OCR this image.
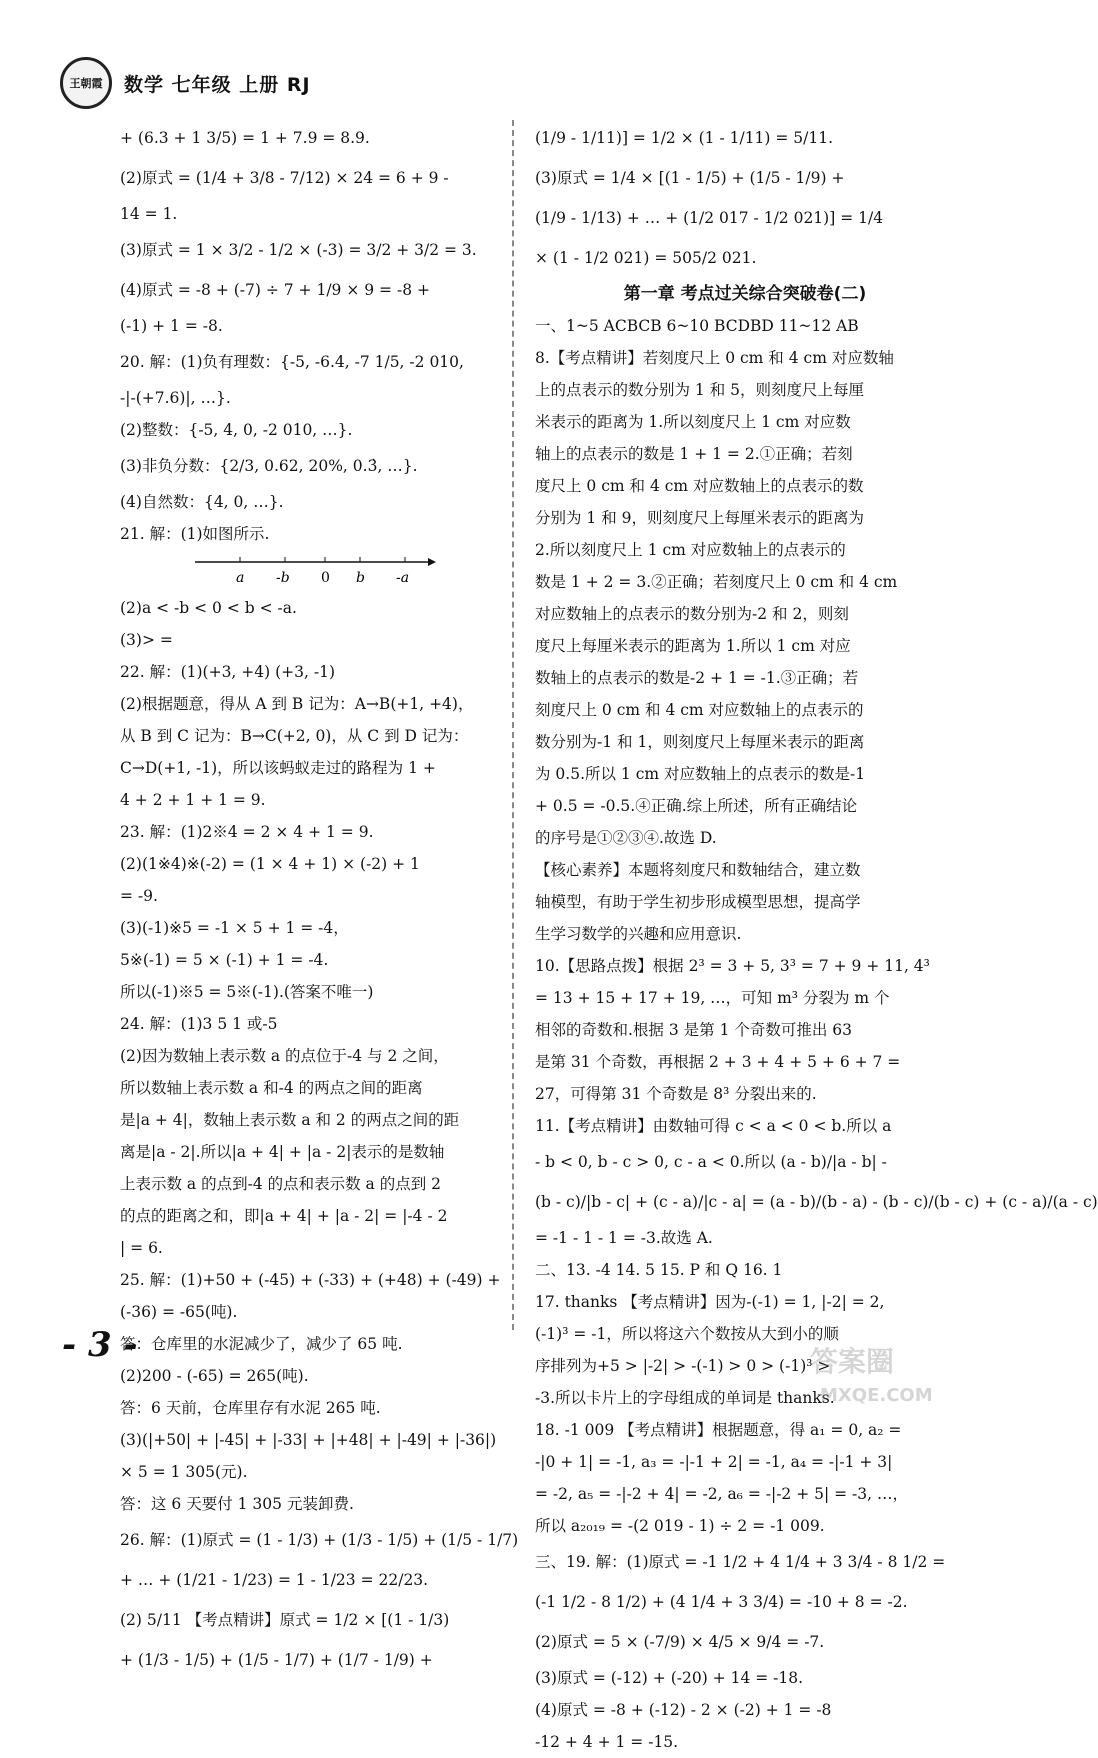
王朝霞 数学 七年级 上册 RJ
+ (6.3 + 1 3/5) = 1 + 7.9 = 8.9.
(2)原式 = (1/4 + 3/8 - 7/12) × 24 = 6 + 9 -
14 = 1.
(3)原式 = 1 × 3/2 - 1/2 × (-3) = 3/2 + 3/2 = 3.
(4)原式 = -8 + (-7) ÷ 7 + 1/9 × 9 = -8 +
(-1) + 1 = -8.
20. 解：(1)负有理数：{-5, -6.4, -7 1/5, -2 010,
-|-(+7.6)|, …}.
(2)整数：{-5, 4, 0, -2 010, …}.
(3)非负分数：{2/3, 0.62, 20%, 0.3̇, …}.
(4)自然数：{4, 0, …}.
21. 解：(1)如图所示.
a -b 0 b -a
(2)a < -b < 0 < b < -a.
(3)> =
22. 解：(1)(+3, +4) (+3, -1)
(2)根据题意，得从 A 到 B 记为：A→B(+1, +4)，
从 B 到 C 记为：B→C(+2, 0)，从 C 到 D 记为：
C→D(+1, -1)，所以该蚂蚁走过的路程为 1 +
4 + 2 + 1 + 1 = 9.
23. 解：(1)2※4 = 2 × 4 + 1 = 9.
(2)(1※4)※(-2) = (1 × 4 + 1) × (-2) + 1
= -9.
(3)(-1)※5 = -1 × 5 + 1 = -4，
5※(-1) = 5 × (-1) + 1 = -4.
所以(-1)※5 = 5※(-1).(答案不唯一)
24. 解：(1)3 5 1 或-5
(2)因为数轴上表示数 a 的点位于-4 与 2 之间，
所以数轴上表示数 a 和-4 的两点之间的距离
是|a + 4|，数轴上表示数 a 和 2 的两点之间的距
离是|a - 2|.所以|a + 4| + |a - 2|表示的是数轴
上表示数 a 的点到-4 的点和表示数 a 的点到 2
的点的距离之和，即|a + 4| + |a - 2| = |-4 - 2
| = 6.
25. 解：(1)+50 + (-45) + (-33) + (+48) + (-49) +
(-36) = -65(吨).
答：仓库里的水泥减少了，减少了 65 吨.
(2)200 - (-65) = 265(吨).
答：6 天前，仓库里存有水泥 265 吨.
(3)(|+50| + |-45| + |-33| + |+48| + |-49| + |-36|)
× 5 = 1 305(元).
答：这 6 天要付 1 305 元装卸费.
26. 解：(1)原式 = (1 - 1/3) + (1/3 - 1/5) + (1/5 - 1/7)
+ … + (1/21 - 1/23) = 1 - 1/23 = 22/23.
(2) 5/11 【考点精讲】原式 = 1/2 × [(1 - 1/3)
+ (1/3 - 1/5) + (1/5 - 1/7) + (1/7 - 1/9) +
(1/9 - 1/11)] = 1/2 × (1 - 1/11) = 5/11.
(3)原式 = 1/4 × [(1 - 1/5) + (1/5 - 1/9) +
(1/9 - 1/13) + … + (1/2 017 - 1/2 021)] = 1/4
× (1 - 1/2 021) = 505/2 021.
第一章 考点过关综合突破卷(二)
一、1~5 ACBCB 6~10 BCDBD 11~12 AB
8.【考点精讲】若刻度尺上 0 cm 和 4 cm 对应数轴
上的点表示的数分别为 1 和 5，则刻度尺上每厘
米表示的距离为 1.所以刻度尺上 1 cm 对应数
轴上的点表示的数是 1 + 1 = 2.①正确；若刻
度尺上 0 cm 和 4 cm 对应数轴上的点表示的数
分别为 1 和 9，则刻度尺上每厘米表示的距离为
2.所以刻度尺上 1 cm 对应数轴上的点表示的
数是 1 + 2 = 3.②正确；若刻度尺上 0 cm 和 4 cm
对应数轴上的点表示的数分别为-2 和 2，则刻
度尺上每厘米表示的距离为 1.所以 1 cm 对应
数轴上的点表示的数是-2 + 1 = -1.③正确；若
刻度尺上 0 cm 和 4 cm 对应数轴上的点表示的
数分别为-1 和 1，则刻度尺上每厘米表示的距离
为 0.5.所以 1 cm 对应数轴上的点表示的数是-1
+ 0.5 = -0.5.④正确.综上所述，所有正确结论
的序号是①②③④.故选 D.
【核心素养】本题将刻度尺和数轴结合，建立数
轴模型，有助于学生初步形成模型思想，提高学
生学习数学的兴趣和应用意识.
10.【思路点拨】根据 2³ = 3 + 5, 3³ = 7 + 9 + 11, 4³
= 13 + 15 + 17 + 19, …，可知 m³ 分裂为 m 个
相邻的奇数和.根据 3 是第 1 个奇数可推出 63
是第 31 个奇数，再根据 2 + 3 + 4 + 5 + 6 + 7 =
27，可得第 31 个奇数是 8³ 分裂出来的.
11.【考点精讲】由数轴可得 c < a < 0 < b.所以 a
- b < 0, b - c > 0, c - a < 0.所以 (a - b)/|a - b| -
(b - c)/|b - c| + (c - a)/|c - a| = (a - b)/(b - a) - (b - c)/(b - c) + (c - a)/(a - c)
= -1 - 1 - 1 = -3.故选 A.
二、13. -4 14. 5 15. P 和 Q 16. 1
17. thanks 【考点精讲】因为-(-1) = 1, |-2| = 2,
(-1)³ = -1，所以将这六个数按从大到小的顺
序排列为+5 > |-2| > -(-1) > 0 > (-1)³ >
-3.所以卡片上的字母组成的单词是 thanks.
18. -1 009 【考点精讲】根据题意，得 a₁ = 0, a₂ =
-|0 + 1| = -1, a₃ = -|-1 + 2| = -1, a₄ = -|-1 + 3|
= -2, a₅ = -|-2 + 4| = -2, a₆ = -|-2 + 5| = -3, …，
所以 a₂₀₁₉ = -(2 019 - 1) ÷ 2 = -1 009.
三、19. 解：(1)原式 = -1 1/2 + 4 1/4 + 3 3/4 - 8 1/2 =
(-1 1/2 - 8 1/2) + (4 1/4 + 3 3/4) = -10 + 8 = -2.
(2)原式 = 5 × (-7/9) × 4/5 × 9/4 = -7.
(3)原式 = (-12) + (-20) + 14 = -18.
(4)原式 = -8 + (-12) - 2 × (-2) + 1 = -8
-12 + 4 + 1 = -15.
- 3 -	答案圈
MXQE.COM
